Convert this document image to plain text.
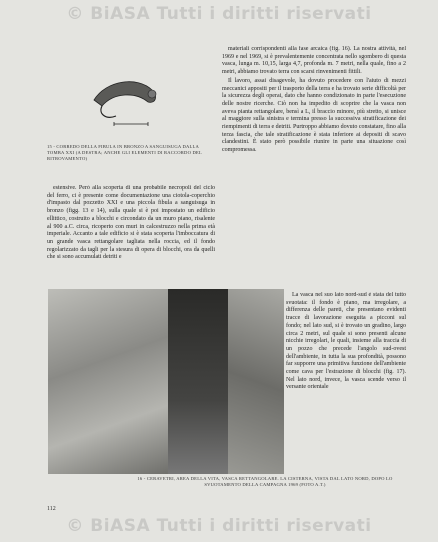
© BiASA Tutti i diritti riservati
15 - CORREDO DELLA FIBULA IN BRONZO A SANGUISUGA DALLA TOMBA XXI (A DESTRA; ANCHE GLI ELEMENTI DI RACCORDO DEL RITROVAMENTO)

estensive. Però alla scoperta di una probabile necropoli del ciclo del ferro, ci è presente come documentazione una ciotola-coperchio d'impasto dal pozzetto XXI e una piccola fibula a sanguisuga in bronzo (figg. 13 e 14), sulla quale si è poi impostato un edificio ellittico, costruito a blocchi e circondato da un muro piano, risalente al 900 a.C. circa, ricoperto con muri in calcestruzzo nella prima età imperiale. Accanto a tale edificio si è stata scoperta l'imboccatura di un grande vasca rettangolare tagliata nella roccia, ed il fondo regolarizzato da tagli per la stesura di opera di blocchi, ora da quelli che si sono accumulati detriti e

materiali corrispondenti alla fase arcaica (fig. 16). La nostra attività, nel 1969 e nel 1969, si è prevalentemente concentrata nello sgombero di questa vasca, lunga m. 10,15, larga 4,7, profonda m. 7 metri, nella quale, fino a 2 metri, abbiamo trovato terra con scarsi rinvenimenti fittili.

Il lavoro, assai disagevole, ha dovuto procedere con l'aiuto di mezzi meccanici appositi per il trasporto della terra e ha trovato serie difficoltà per la sicurezza degli operai, dato che hanno condizionato in parte l'esecuzione delle nostre ricerche. Ciò non ha impedito di scoprire che la vasca non aveva pianta rettangolare, bensì a L, il braccio minore, più stretto, si unisce al maggiore sulla sinistra e termina presso la successiva stratificazione dei riempimenti di terra e detriti. Purtroppo abbiamo dovuto constatare, fino alla terza fascia, che tale stratificazione è stata inferiore ai depositi di scavo clandestini. È stato però possibile riunire in parte una situazione così compromessa.

La vasca nel suo lato nord-sud è stata del tutto svuotata: il fondo è piano, ma irregolare, a differenza delle pareti, che presentano evidenti tracce di lavorazione eseguita a picconi sul fondo; nel lato sud, si è trovato un gradino, largo circa 2 metri, sul quale si sono presenti alcune nicchie irregolari, le quali, insieme alla traccia di un pozzo che precede l'angolo sud-ovest dell'ambiente, in tutta la sua profondità, possono far supporre una primitiva funzione dell'ambiente come cava per l'estrazione di blocchi (fig. 17). Nel lato nord, invece, la vasca scende verso il versante orientale

16 - CERAVETRI, AREA DELLA VITA, VASCA RETTANGOLARE. LA CISTERNA, VISTA DAL LATO NORD, DOPO LO SVUOTAMENTO DELLA CAMPAGNA 1969 (FOTO A.T.)
112
© BiASA Tutti i diritti riservati
